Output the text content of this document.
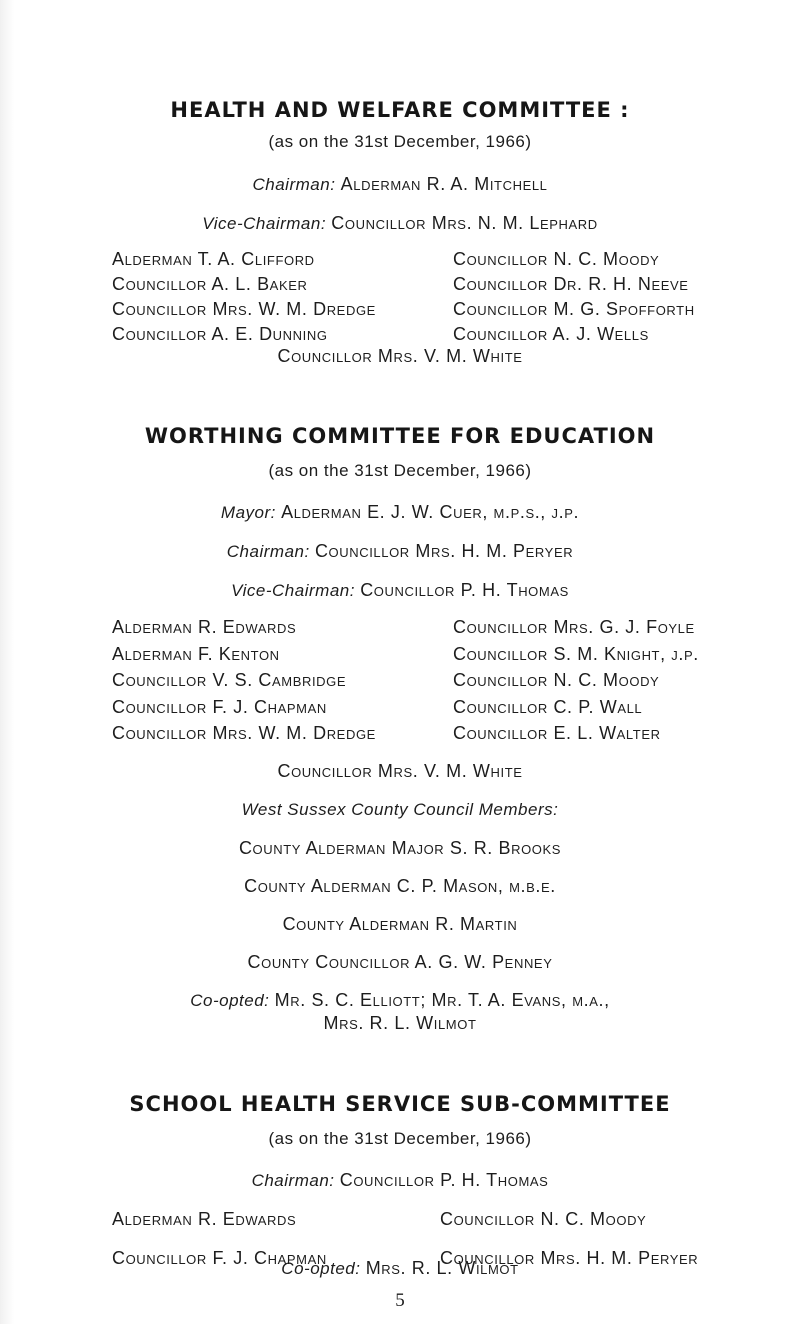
HEALTH AND WELFARE COMMITTEE :
(as on the 31st December, 1966)
Chairman: Alderman R. A. Mitchell
Vice-Chairman: Councillor Mrs. N. M. Lephard
Alderman T. A. Clifford
Councillor A. L. Baker
Councillor Mrs. W. M. Dredge
Councillor A. E. Dunning
Councillor N. C. Moody
Councillor Dr. R. H. Neeve
Councillor M. G. Spofforth
Councillor A. J. Wells
Councillor Mrs. V. M. White
WORTHING COMMITTEE FOR EDUCATION
(as on the 31st December, 1966)
Mayor: Alderman E. J. W. Cuer, m.p.s., j.p.
Chairman: Councillor Mrs. H. M. Peryer
Vice-Chairman: Councillor P. H. Thomas
Alderman R. Edwards
Alderman F. Kenton
Councillor V. S. Cambridge
Councillor F. J. Chapman
Councillor Mrs. W. M. Dredge
Councillor Mrs. G. J. Foyle
Councillor S. M. Knight, j.p.
Councillor N. C. Moody
Councillor C. P. Wall
Councillor E. L. Walter
Councillor Mrs. V. M. White
West Sussex County Council Members:
County Alderman Major S. R. Brooks
County Alderman C. P. Mason, m.b.e.
County Alderman R. Martin
County Councillor A. G. W. Penney
Co-opted: Mr. S. C. Elliott; Mr. T. A. Evans, m.a.,
Mrs. R. L. Wilmot
SCHOOL HEALTH SERVICE SUB-COMMITTEE
(as on the 31st December, 1966)
Chairman: Councillor P. H. Thomas
Alderman R. Edwards
Councillor F. J. Chapman
Councillor N. C. Moody
Councillor Mrs. H. M. Peryer
Co-opted: Mrs. R. L. Wilmot
5
